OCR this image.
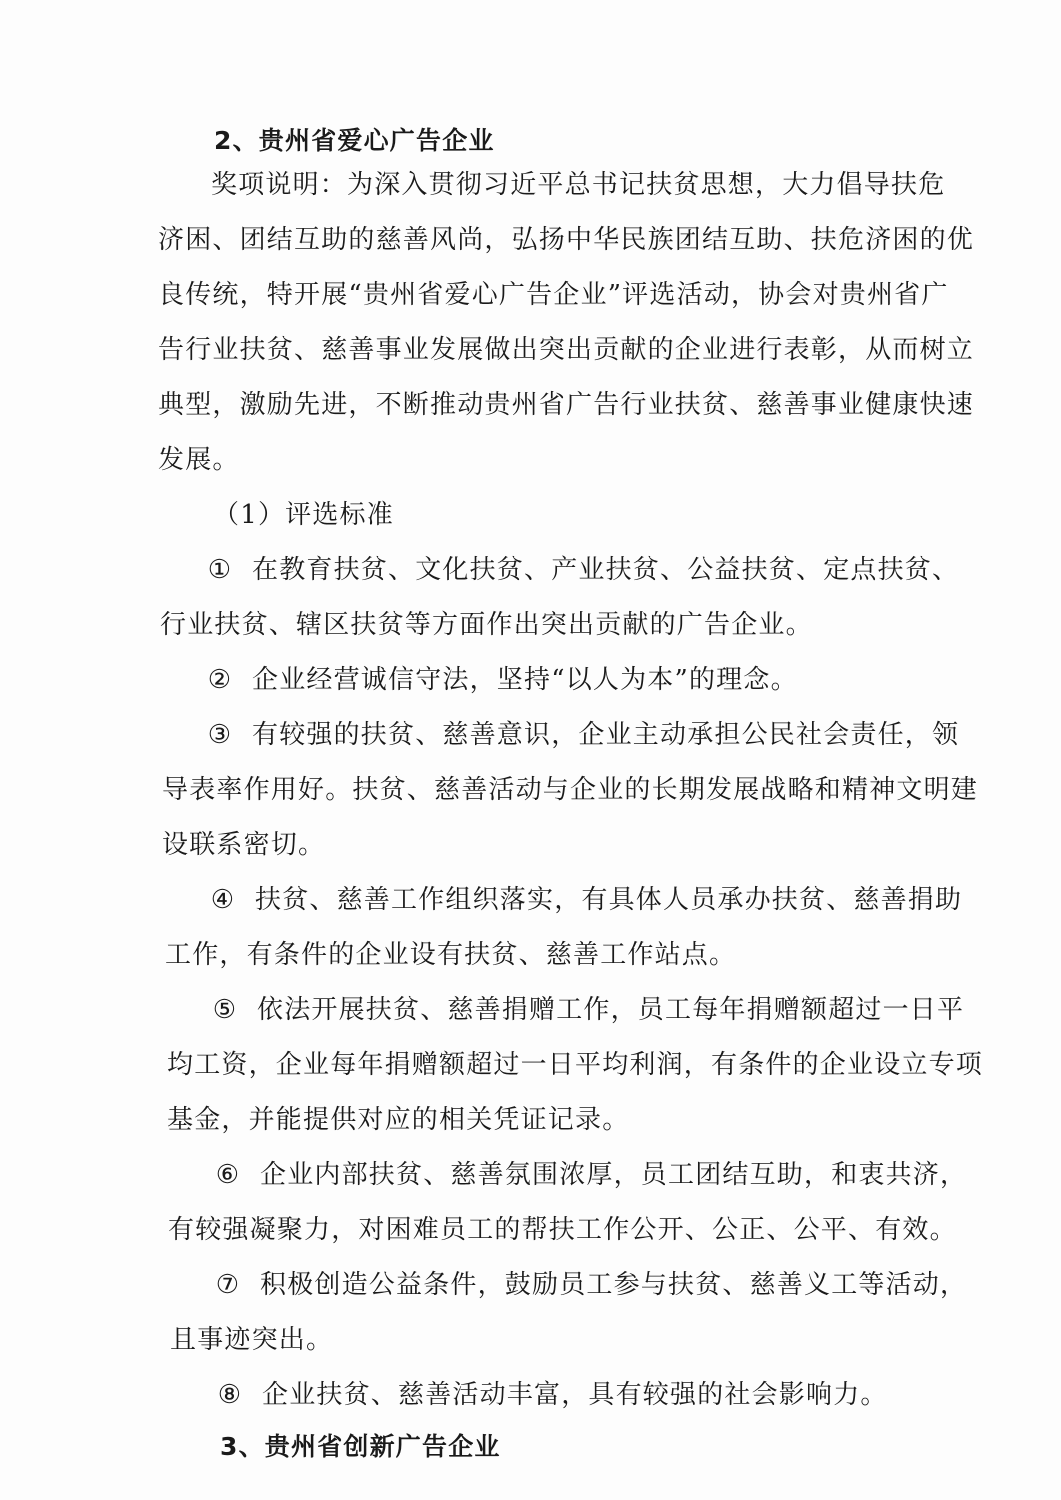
2、贵州省爱心广告企业
奖项说明：为深入贯彻习近平总书记扶贫思想，大力倡导扶危
济困、团结互助的慈善风尚，弘扬中华民族团结互助、扶危济困的优
良传统，特开展“贵州省爱心广告企业”评选活动，协会对贵州省广
告行业扶贫、慈善事业发展做出突出贡献的企业进行表彰，从而树立
典型，激励先进，不断推动贵州省广告行业扶贫、慈善事业健康快速
发展。
（1）评选标准
① 在教育扶贫、文化扶贫、产业扶贫、公益扶贫、定点扶贫、
行业扶贫、辖区扶贫等方面作出突出贡献的广告企业。
② 企业经营诚信守法，坚持“以人为本”的理念。
③ 有较强的扶贫、慈善意识，企业主动承担公民社会责任，领
导表率作用好。扶贫、慈善活动与企业的长期发展战略和精神文明建
设联系密切。
④ 扶贫、慈善工作组织落实，有具体人员承办扶贫、慈善捐助
工作，有条件的企业设有扶贫、慈善工作站点。
⑤ 依法开展扶贫、慈善捐赠工作，员工每年捐赠额超过一日平
均工资，企业每年捐赠额超过一日平均利润，有条件的企业设立专项
基金，并能提供对应的相关凭证记录。
⑥ 企业内部扶贫、慈善氛围浓厚，员工团结互助，和衷共济，
有较强凝聚力，对困难员工的帮扶工作公开、公正、公平、有效。
⑦ 积极创造公益条件，鼓励员工参与扶贫、慈善义工等活动，
且事迹突出。
⑧ 企业扶贫、慈善活动丰富，具有较强的社会影响力。
3、贵州省创新广告企业
